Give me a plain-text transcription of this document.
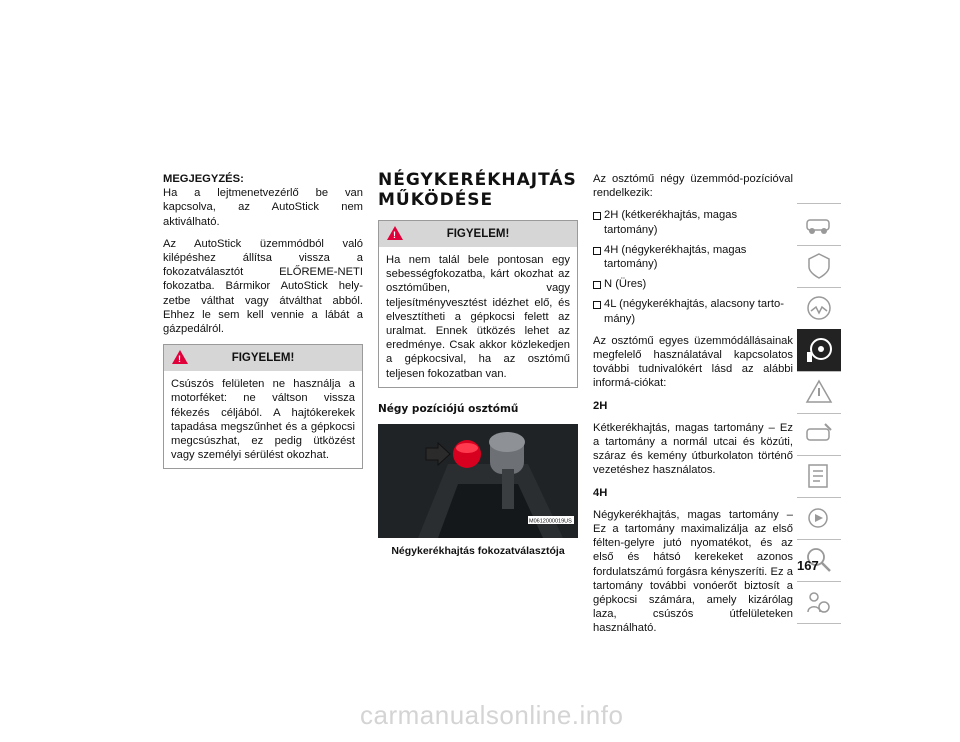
MEGJEGYZÉS:

Ha a lejtmenetvezérlő be van kapcsolva, az AutoStick nem aktiválható.

Az AutoStick üzemmódból való kilépéshez állítsa vissza a fokozatválasztót ELŐREME-NETI fokozatba. Bármikor AutoStick hely-zetbe válthat vagy átválthat abból. Ehhez le sem kell vennie a lábát a gázpedálról.

!
FIGYELEM!
Csúszós felületen ne használja a motorféket: ne váltson vissza fékezés céljából. A hajtókerekek tapadása megszűnhet és a gépkocsi megcsúszhat, ez pedig ütközést vagy személyi sérülést okozhat.
NÉGYKERÉKHAJTÁS MŰKÖDÉSE
!
FIGYELEM!
Ha nem talál bele pontosan egy sebességfokozatba, kárt okozhat az osztóműben, vagy teljesítményvesztést idézhet elő, és elvesztítheti a gépkocsi felett az uralmat. Ennek ütközés lehet az eredménye. Csak akkor közlekedjen a gépkocsival, ha az osztómű teljesen fokozatban van.
Négy pozíciójú osztómű
M0612000019US
Négykerékhajtás fokozatválasztója

Az osztómű négy üzemmód-pozícióval rendelkezik:

2H (kétkerékhajtás, magas tartomány)
4H (négykerékhajtás, magas tartomány)
N (Üres)
4L (négykerékhajtás, alacsony tarto-mány)

Az osztómű egyes üzemmódállásainak megfelelő használatával kapcsolatos további tudnivalókért lásd az alábbi informá-ciókat:

2H

Kétkerékhajtás, magas tartomány – Ez a tartomány a normál utcai és közúti, száraz és kemény útburkolaton történő vezetéshez használatos.

4H

Négykerékhajtás, magas tartomány – Ez a tartomány maximalizálja az első félten-gelyre jutó nyomatékot, és az első és hátsó kerekeket azonos fordulatszámú forgásra kényszeríti. Ez a tartomány további vonóerőt biztosít a gépkocsi számára, amely kizárólag laza, csúszós útfelületeken használható.

167
carmanualsonline.info
